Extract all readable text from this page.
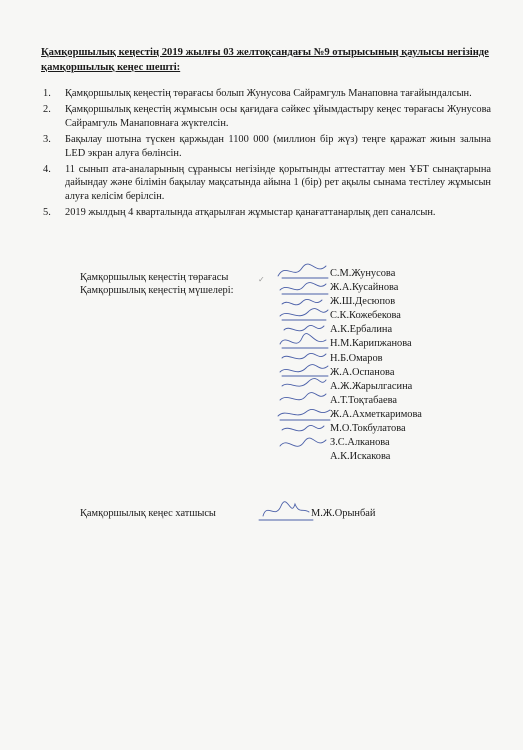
Қамқоршылық кеңестің 2019 жылғы 03 желтоқсандағы №9 отырысының қаулысы негізінде қамқоршылық кеңес шешті:
1. Қамқоршылық кеңестің төрағасы болып Жунусова Сайрамгуль Манаповна тағайындалсын.
2. Қамқоршылық кеңестің жұмысын осы қағидаға сәйкес ұйымдастыру кеңес төрағасы Жунусова Сайрамгуль Манаповнаға жүктелсін.
3. Бақылау шотына түскен қаржыдан 1100 000 (миллион бір жүз) теңге қаражат жиын залына LED экран алуға бөлінсін.
4. 11 сынып ата-аналарының сұранысы негізінде қорытынды аттестаттау мен ҰБТ сынақтарына дайындау және білімін бақылау мақсатында айына 1 (бір) рет ақылы сынама тестілеу жұмысын алуға келісім берілсін.
5. 2019 жылдың 4 кварталында атқарылған жұмыстар қанағаттанарлық деп саналсын.
Қамқоршылық кеңестің төрағасы
Қамқоршылық кеңестің мүшелері:
✓
С.М.Жунусова
Ж.А.Кусайнова
Ж.Ш.Десюпов
С.К.Кожебекова
А.К.Ербалина
Н.М.Карипжанова
Н.Б.Омаров
Ж.А.Оспанова
А.Ж.Жарылгасина
А.Т.Тоқтабаева
Ж.А.Ахметкаримова
М.О.Токбулатова
З.С.Алканова
А.К.Искакова
Қамқоршылық кеңес хатшысы	М.Ж.Орынбай
